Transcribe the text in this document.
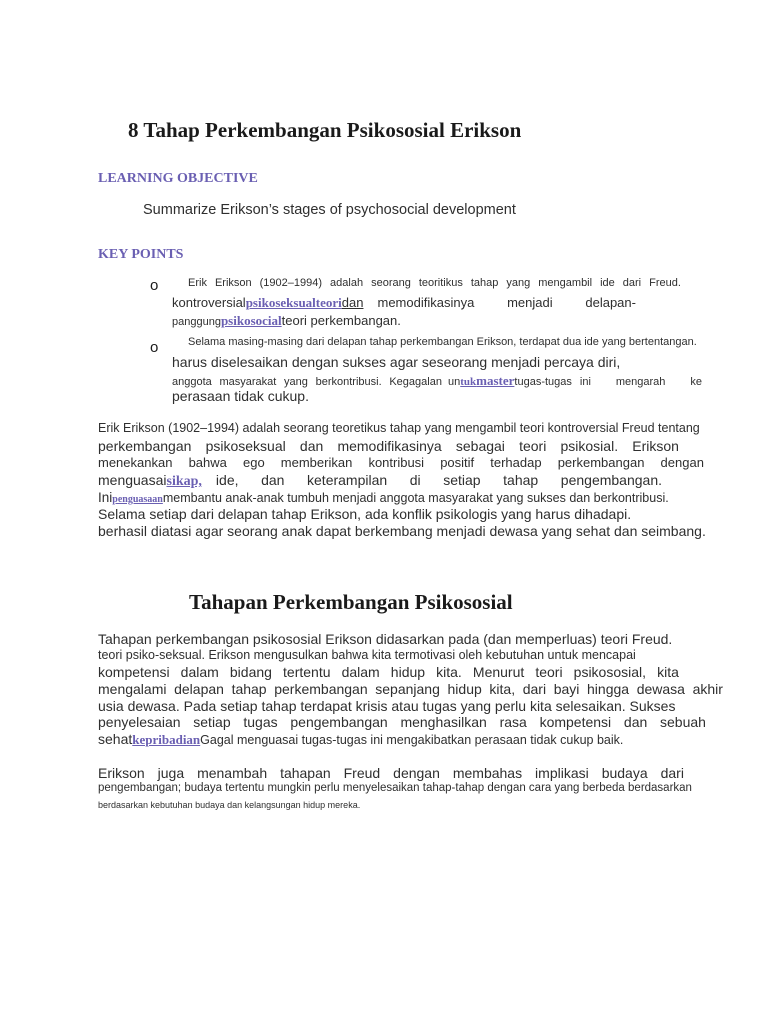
8 Tahap Perkembangan Psikososial Erikson
LEARNING OBJECTIVE
Summarize Erikson’s stages of psychosocial development
KEY POINTS
o	Erik Erikson (1902–1994) adalah seorang teoritikus tahap yang mengambil ide dari Freud.
kontroversial psikoseksualteori dan	memodifikasinya	menjadi	delapan-
panggung psikosocial teori perkembangan.
o	Selama masing-masing dari delapan tahap perkembangan Erikson, terdapat dua ide yang bertentangan.
harus diselesaikan dengan sukses agar seseorang menjadi percaya diri,
anggota masyarakat yang berkontribusi. Kegagalan un tuk master tugas-tugas ini mengarah ke
perasaan tidak cukup.
Erik Erikson (1902–1994) adalah seorang teoretikus tahap yang mengambil teori kontroversial Freud tentang
perkembangan psikoseksual dan memodifikasinya sebagai teori psikosial. Erikson
menekankan bahwa ego memberikan kontribusi positif terhadap perkembangan dengan
menguasai sikap,	ide, dan keterampilan di setiap tahap pengembangan.
Ini penguasaan membantu anak-anak tumbuh menjadi anggota masyarakat yang sukses dan berkontribusi.
Selama setiap dari delapan tahap Erikson, ada konflik psikologis yang harus dihadapi.
berhasil diatasi agar seorang anak dapat berkembang menjadi dewasa yang sehat dan seimbang.
Tahapan Perkembangan Psikososial
Tahapan perkembangan psikososial Erikson didasarkan pada (dan memperluas) teori Freud.
teori psiko-seksual. Erikson mengusulkan bahwa kita termotivasi oleh kebutuhan untuk mencapai
kompetensi dalam bidang tertentu dalam hidup kita. Menurut teori psikososial, kita
mengalami delapan tahap perkembangan sepanjang hidup kita, dari bayi hingga dewasa akhir
usia dewasa. Pada setiap tahap terdapat krisis atau tugas yang perlu kita selesaikan. Sukses
penyelesaian setiap tugas pengembangan menghasilkan rasa kompetensi dan sebuah
sehat kepribadian Gagal menguasai tugas-tugas ini mengakibatkan perasaan tidak cukup baik.
Erikson juga menambah tahapan Freud dengan membahas implikasi budaya dari
pengembangan; budaya tertentu mungkin perlu menyelesaikan tahap-tahap dengan cara yang berbeda berdasarkan
berdasarkan kebutuhan budaya dan kelangsungan hidup mereka.
